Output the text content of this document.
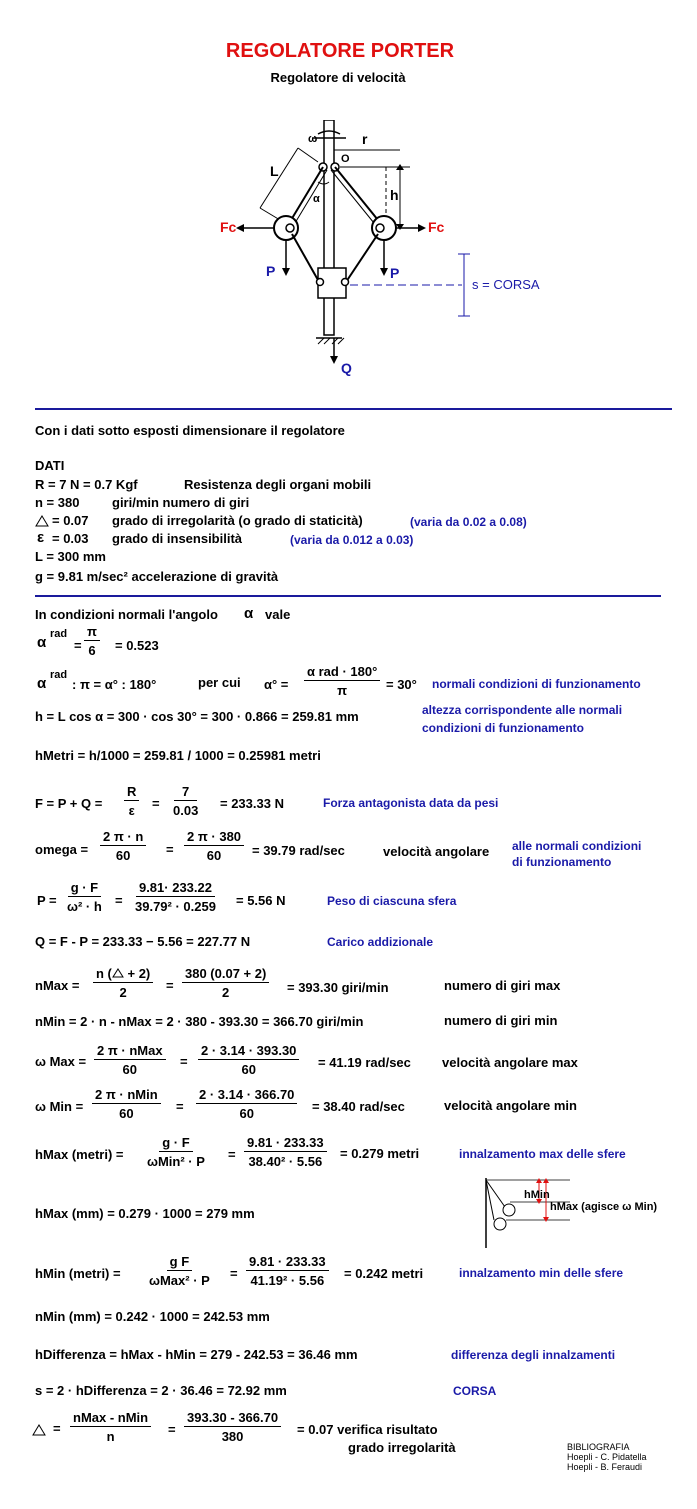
REGOLATORE PORTER
Regolatore di velocità
ω	r
O
L
α	h
Fc	Fc
P	P
s = CORSA
Q
Con i dati sotto esposti dimensionare il regolatore
DATI
R = 7 N = 0.7 Kgf	Resistenza degli organi mobili
n = 380	giri/min numero di giri
= 0.07 grado di irregolarità (o grado di staticità)	(varia da 0.02 a 0.08)
ε = 0.03 grado di insensibilità	(varia da 0.012 a 0.03)
L = 300 mm
g = 9.81 m/sec² accelerazione di gravità
In condizioni normali l'angolo α vale
α rad
= $\frac{\pi}{6} = 0.523$
α rad
: π = α° : 180°	per cui α° =
α rad · 180°
π	= 30° normali condizioni di funzionamento
h = L cos α = 300 · cos 30° = 300 · 0.866 = 259.81 mm	altezza corrispondente alle normali
condizioni di funzionamento
hMetri = h/1000 = 259.81 / 1000 = 0.25981 metri
$F = P + Q = \frac{R}{\varepsilon} = \frac{7}{0.03} = 233.33$ N	Forza antagonista data da pesi
omega = $\frac{2 \pi \cdot n}{60} = \frac{2 \pi \cdot 380}{60} = 39.79$ rad/sec	velocità angolare alle normali condizioni
di funzionamento
$P = \frac{g \cdot F}{\text{ω² · h}} = \frac{9.81\cdot 233.22}{\text{39.79² · 0.259}} = 5.56$ N	Peso di ciascuna sfera
Q = F - P = 233.33 − 5.56 = 227.77 N	Carico addizionale
nMax = $\frac{n ( + 2)}{2} = \frac{380 (0.07 + 2)}{2} = 393.30$ giri/min	numero di giri max
nMin = 2 · n - nMax = 2 · 380 - 393.30 = 366.70 giri/min	numero di giri min
ω Max =
2 π · nMax
60
= $\frac{2 \cdot 3.14 \cdot 393.30}{60} = 41.19$ rad/sec velocità angolare max
ω Min =
2 π · nMin
60	= $\frac{2 \cdot 3.14 \cdot 366.70}{60} = 38.40$ rad/sec	velocità angolare min
hMax (metri) =
g · F
$\omega Min^2 \cdot P = \frac{9.81 \cdot 233.33}{\text{38.40² · 5.56}} = 0.279$ metri	innalzamento max delle sfere
hMin
hMax (agisce ω Min)
hMax (mm) = 0.279 · 1000 = 279 mm
hMin (metri) =
g F
$\omega Max^2 \cdot P = \frac{9.81 \cdot 233.33}{\text{41.19² · 5.56}} = 0.242$ metri	innalzamento min delle sfere
nMin (mm) = 0.242 · 1000 = 242.53 mm
hDifferenza = hMax - hMin = 279 - 242.53 = 36.46 mm	differenza degli innalzamenti
s = 2 · hDifferenza = 2 · 36.46 = 72.92 mm	CORSA
=
nMax - nMin
n	= $\frac{393.30 - 366.70}{380} = 0.07$ verifica risultato
grado irregolarità	BIBLIOGRAFIA
Hoepli - C. Pidatella
Hoepli - B. Feraudi
